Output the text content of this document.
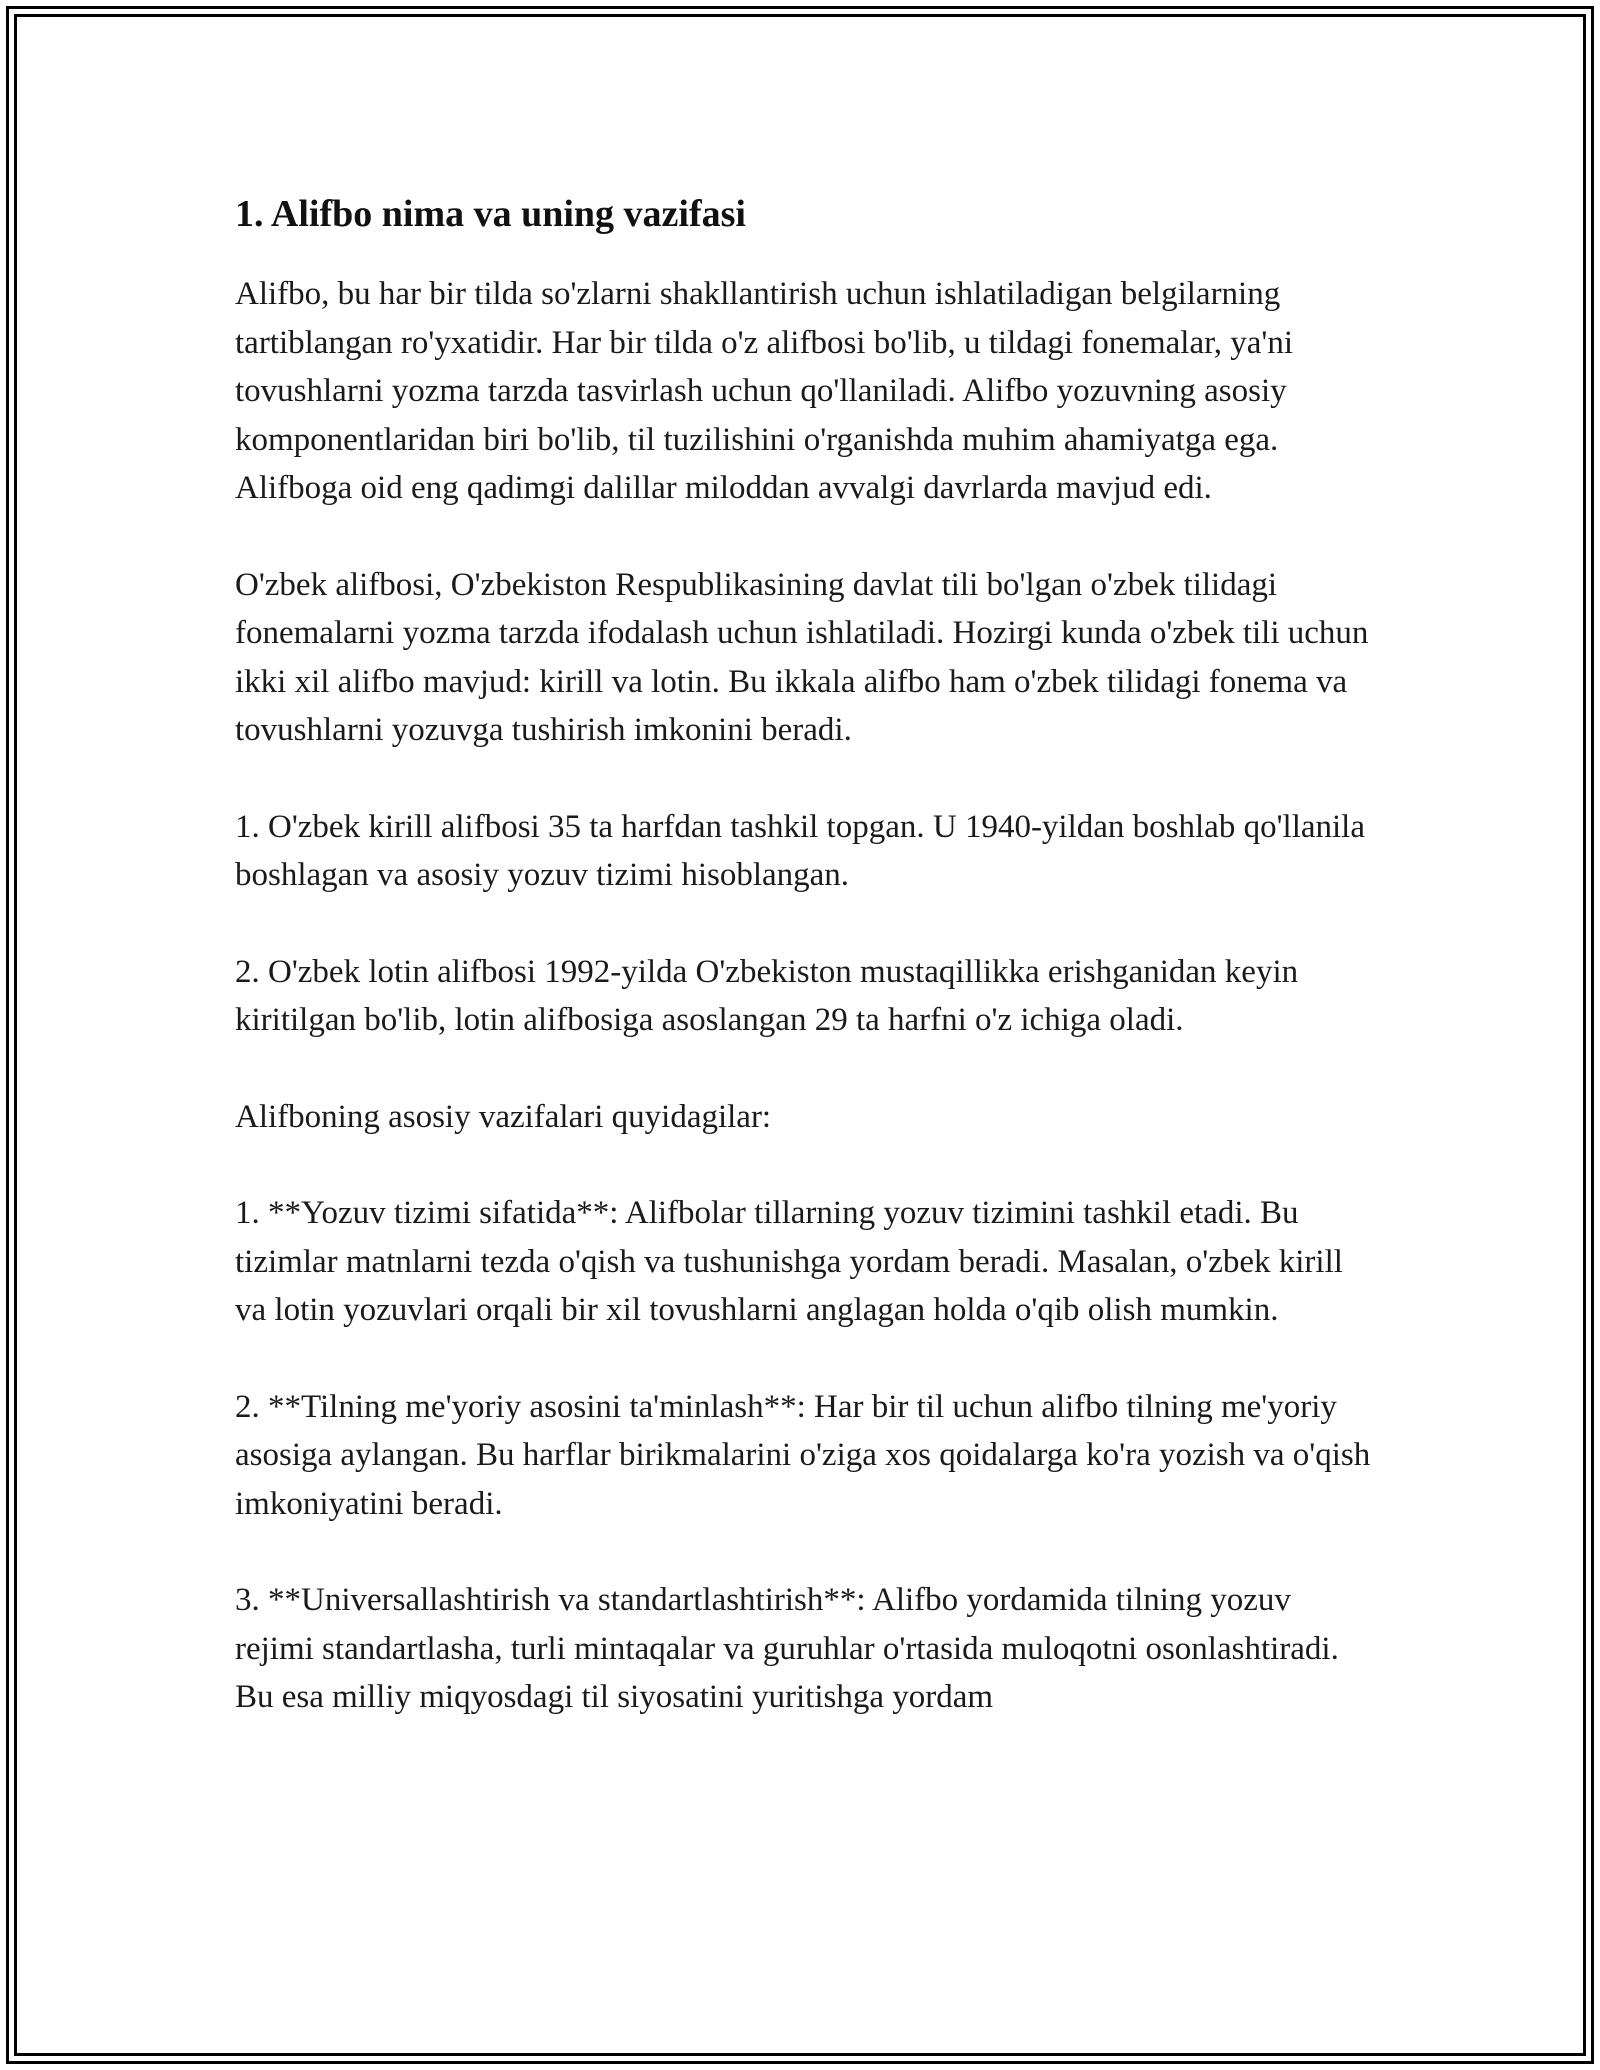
1. Alifbo nima va uning vazifasi

Alifbo, bu har bir tilda so'zlarni shakllantirish uchun ishlatiladigan belgilarning tartiblangan ro'yxatidir. Har bir tilda o'z alifbosi bo'lib, u tildagi fonemalar, ya'ni tovushlarni yozma tarzda tasvirlash uchun qo'llaniladi. Alifbo yozuvning asosiy komponentlaridan biri bo'lib, til tuzilishini o'rganishda muhim ahamiyatga ega. Alifboga oid eng qadimgi dalillar miloddan avvalgi davrlarda mavjud edi.

O'zbek alifbosi, O'zbekiston Respublikasining davlat tili bo'lgan o'zbek tilidagi fonemalarni yozma tarzda ifodalash uchun ishlatiladi. Hozirgi kunda o'zbek tili uchun ikki xil alifbo mavjud: kirill va lotin. Bu ikkala alifbo ham o'zbek tilidagi fonema va tovushlarni yozuvga tushirish imkonini beradi.

1. O'zbek kirill alifbosi 35 ta harfdan tashkil topgan. U 1940-yildan boshlab qo'llanila boshlagan va asosiy yozuv tizimi hisoblangan.

2. O'zbek lotin alifbosi 1992-yilda O'zbekiston mustaqillikka erishganidan keyin kiritilgan bo'lib, lotin alifbosiga asoslangan 29 ta harfni o'z ichiga oladi.

Alifboning asosiy vazifalari quyidagilar:

1. **Yozuv tizimi sifatida**: Alifbolar tillarning yozuv tizimini tashkil etadi. Bu tizimlar matnlarni tezda o'qish va tushunishga yordam beradi. Masalan, o'zbek kirill va lotin yozuvlari orqali bir xil tovushlarni anglagan holda o'qib olish mumkin.

2. **Tilning me'yoriy asosini ta'minlash**: Har bir til uchun alifbo tilning me'yoriy asosiga aylangan. Bu harflar birikmalarini o'ziga xos qoidalarga ko'ra yozish va o'qish imkoniyatini beradi.

3. **Universallashtirish va standartlashtirish**: Alifbo yordamida tilning yozuv rejimi standartlasha, turli mintaqalar va guruhlar o'rtasida muloqotni osonlashtiradi. Bu esa milliy miqyosdagi til siyosatini yuritishga yordam
